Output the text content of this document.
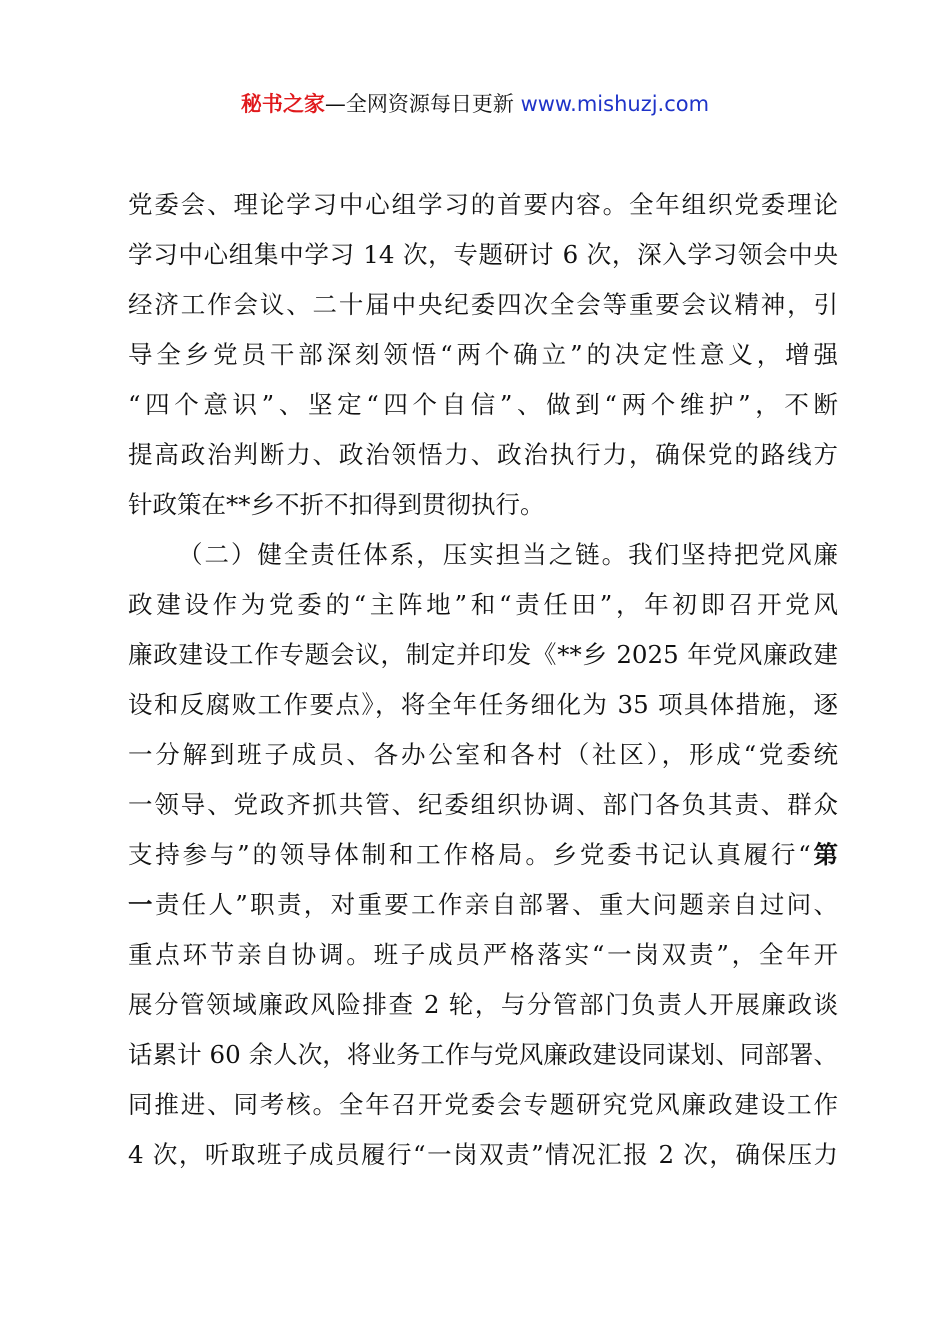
秘书之家—全网资源每日更新 www.mishuzj.com
党委会、理论学习中心组学习的首要内容。全年组织党委理论
学习中心组集中学习 14 次，专题研讨 6 次，深入学习领会中央
经济工作会议、二十届中央纪委四次全会等重要会议精神，引
导全乡党员干部深刻领悟“两个确立”的决定性意义，增强
“四个意识”、坚定“四个自信”、做到“两个维护”，不断
提高政治判断力、政治领悟力、政治执行力，确保党的路线方
针政策在**乡不折不扣得到贯彻执行。
（二）健全责任体系，压实担当之链。我们坚持把党风廉
政建设作为党委的“主阵地”和“责任田”，年初即召开党风
廉政建设工作专题会议，制定并印发《**乡 2025 年党风廉政建
设和反腐败工作要点》，将全年任务细化为 35 项具体措施，逐
一分解到班子成员、各办公室和各村（社区），形成“党委统
一领导、党政齐抓共管、纪委组织协调、部门各负其责、群众
支持参与”的领导体制和工作格局。乡党委书记认真履行“第
一责任人”职责，对重要工作亲自部署、重大问题亲自过问、
重点环节亲自协调。班子成员严格落实“一岗双责”，全年开
展分管领域廉政风险排查 2 轮，与分管部门负责人开展廉政谈
话累计 60 余人次，将业务工作与党风廉政建设同谋划、同部署、
同推进、同考核。全年召开党委会专题研究党风廉政建设工作
4 次，听取班子成员履行“一岗双责”情况汇报 2 次，确保压力
